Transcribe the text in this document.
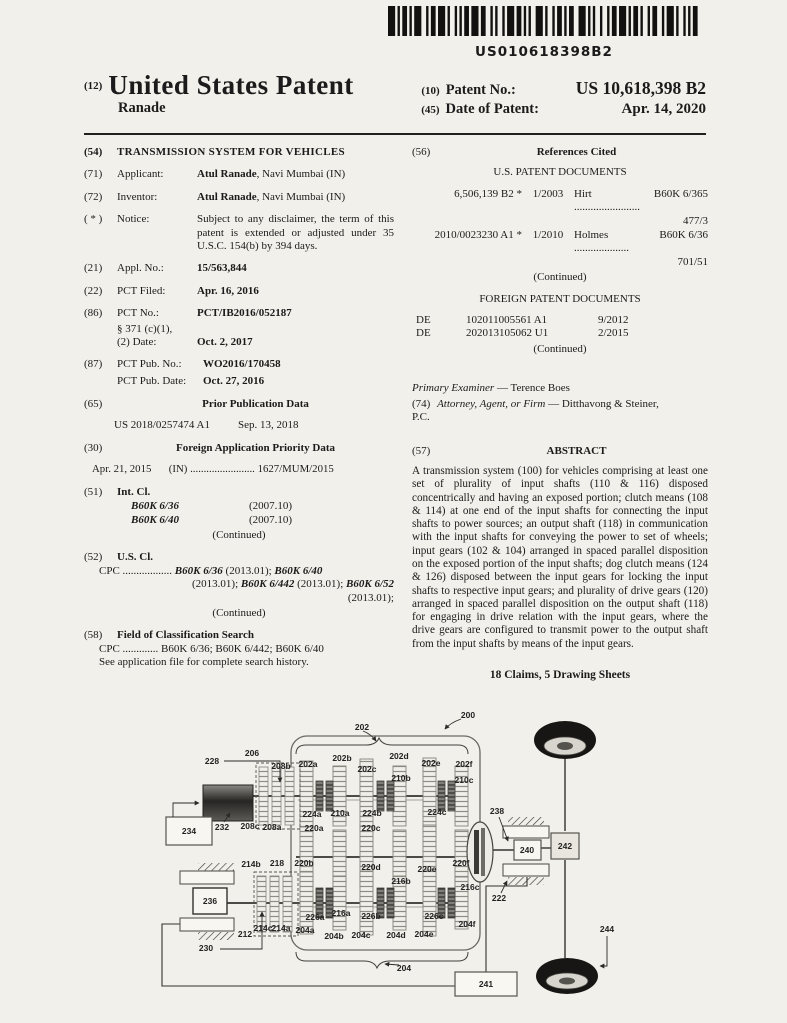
US010618398B2
(12) United States Patent
Ranade
(10) Patent No.:	US 10,618,398 B2
(45) Date of Patent:	Apr. 14, 2020
(54)	TRANSMISSION SYSTEM FOR VEHICLES
(71)	Applicant:	Atul Ranade, Navi Mumbai (IN)
(72)	Inventor:	Atul Ranade, Navi Mumbai (IN)
( * )	Notice:	Subject to any disclaimer, the term of this patent is extended or adjusted under 35 U.S.C. 154(b) by 394 days.
(21)	Appl. No.:	15/563,844
(22)	PCT Filed:	Apr. 16, 2016
(86)	PCT No.:	PCT/IB2016/052187
§ 371 (c)(1),
(2) Date:	Oct. 2, 2017
(87)	PCT Pub. No.:	WO2016/170458
PCT Pub. Date:	Oct. 27, 2016
(65)	Prior Publication Data
US 2018/0257474 A1	Sep. 13, 2018
(30)	Foreign Application Priority Data
Apr. 21, 2015 (IN) ........................ 1627/MUM/2015
(51)	Int. Cl.
B60K 6/36	(2007.10)
B60K 6/40	(2007.10)
(Continued)
(52)	U.S. Cl.
CPC .................. B60K 6/36 (2013.01); B60K 6/40
(2013.01); B60K 6/442 (2013.01); B60K 6/52
(2013.01);
(Continued)
(58)	Field of Classification Search
CPC ............. B60K 6/36; B60K 6/442; B60K 6/40
See application file for complete search history.
(56)	References Cited
U.S. PATENT DOCUMENTS
6,506,139 B2 * 1/2003 Hirt ........................
B60K 6/365
477/3
2010/0023230 A1 * 1/2010 Holmes ....................
B60K 6/36
701/51
(Continued)
FOREIGN PATENT DOCUMENTS
DE	102011005561 A1	9/2012
DE	202013105062 U1	2/2015
(Continued)
Primary Examiner — Terence Boes
(74) Attorney, Agent, or Firm — Ditthavong & Steiner,
P.C.
(57)	ABSTRACT
A transmission system (100) for vehicles comprising at least one set of plurality of input shafts (110 & 116) disposed concentrically and having an exposed portion; clutch means (108 & 114) at one end of the input shafts for connecting the input shafts to power sources; an output shaft (118) in communication with the input shafts for conveying the power to set of wheels; input gears (102 & 104) arranged in spaced parallel disposition on the exposed portion of the input shafts; dog clutch means (124 & 126) disposed between the input gears for locking the input shafts to respective input gears; and plurality of drive gears (120) arranged in spaced parallel disposition on the output shaft (118) for engaging in drive relation with the input gears, where the drive gears are configured to transmit power to the output shaft from the input shafts by means of the input gears.
18 Claims, 5 Drawing Sheets
200
202
228
206
208b 202a
202b
202c
202d
202e 202f
210b	210c
232 208c 208a
224a 210a 224b	224c	238
220a	220c
220b	220d	220e
220f
214b 218
216b
216c
222
226a 216a 226b	226c
204f
212
214c 214a 204a
204b 204c 204d 204e
230
204
244
234
236
240	242
241
